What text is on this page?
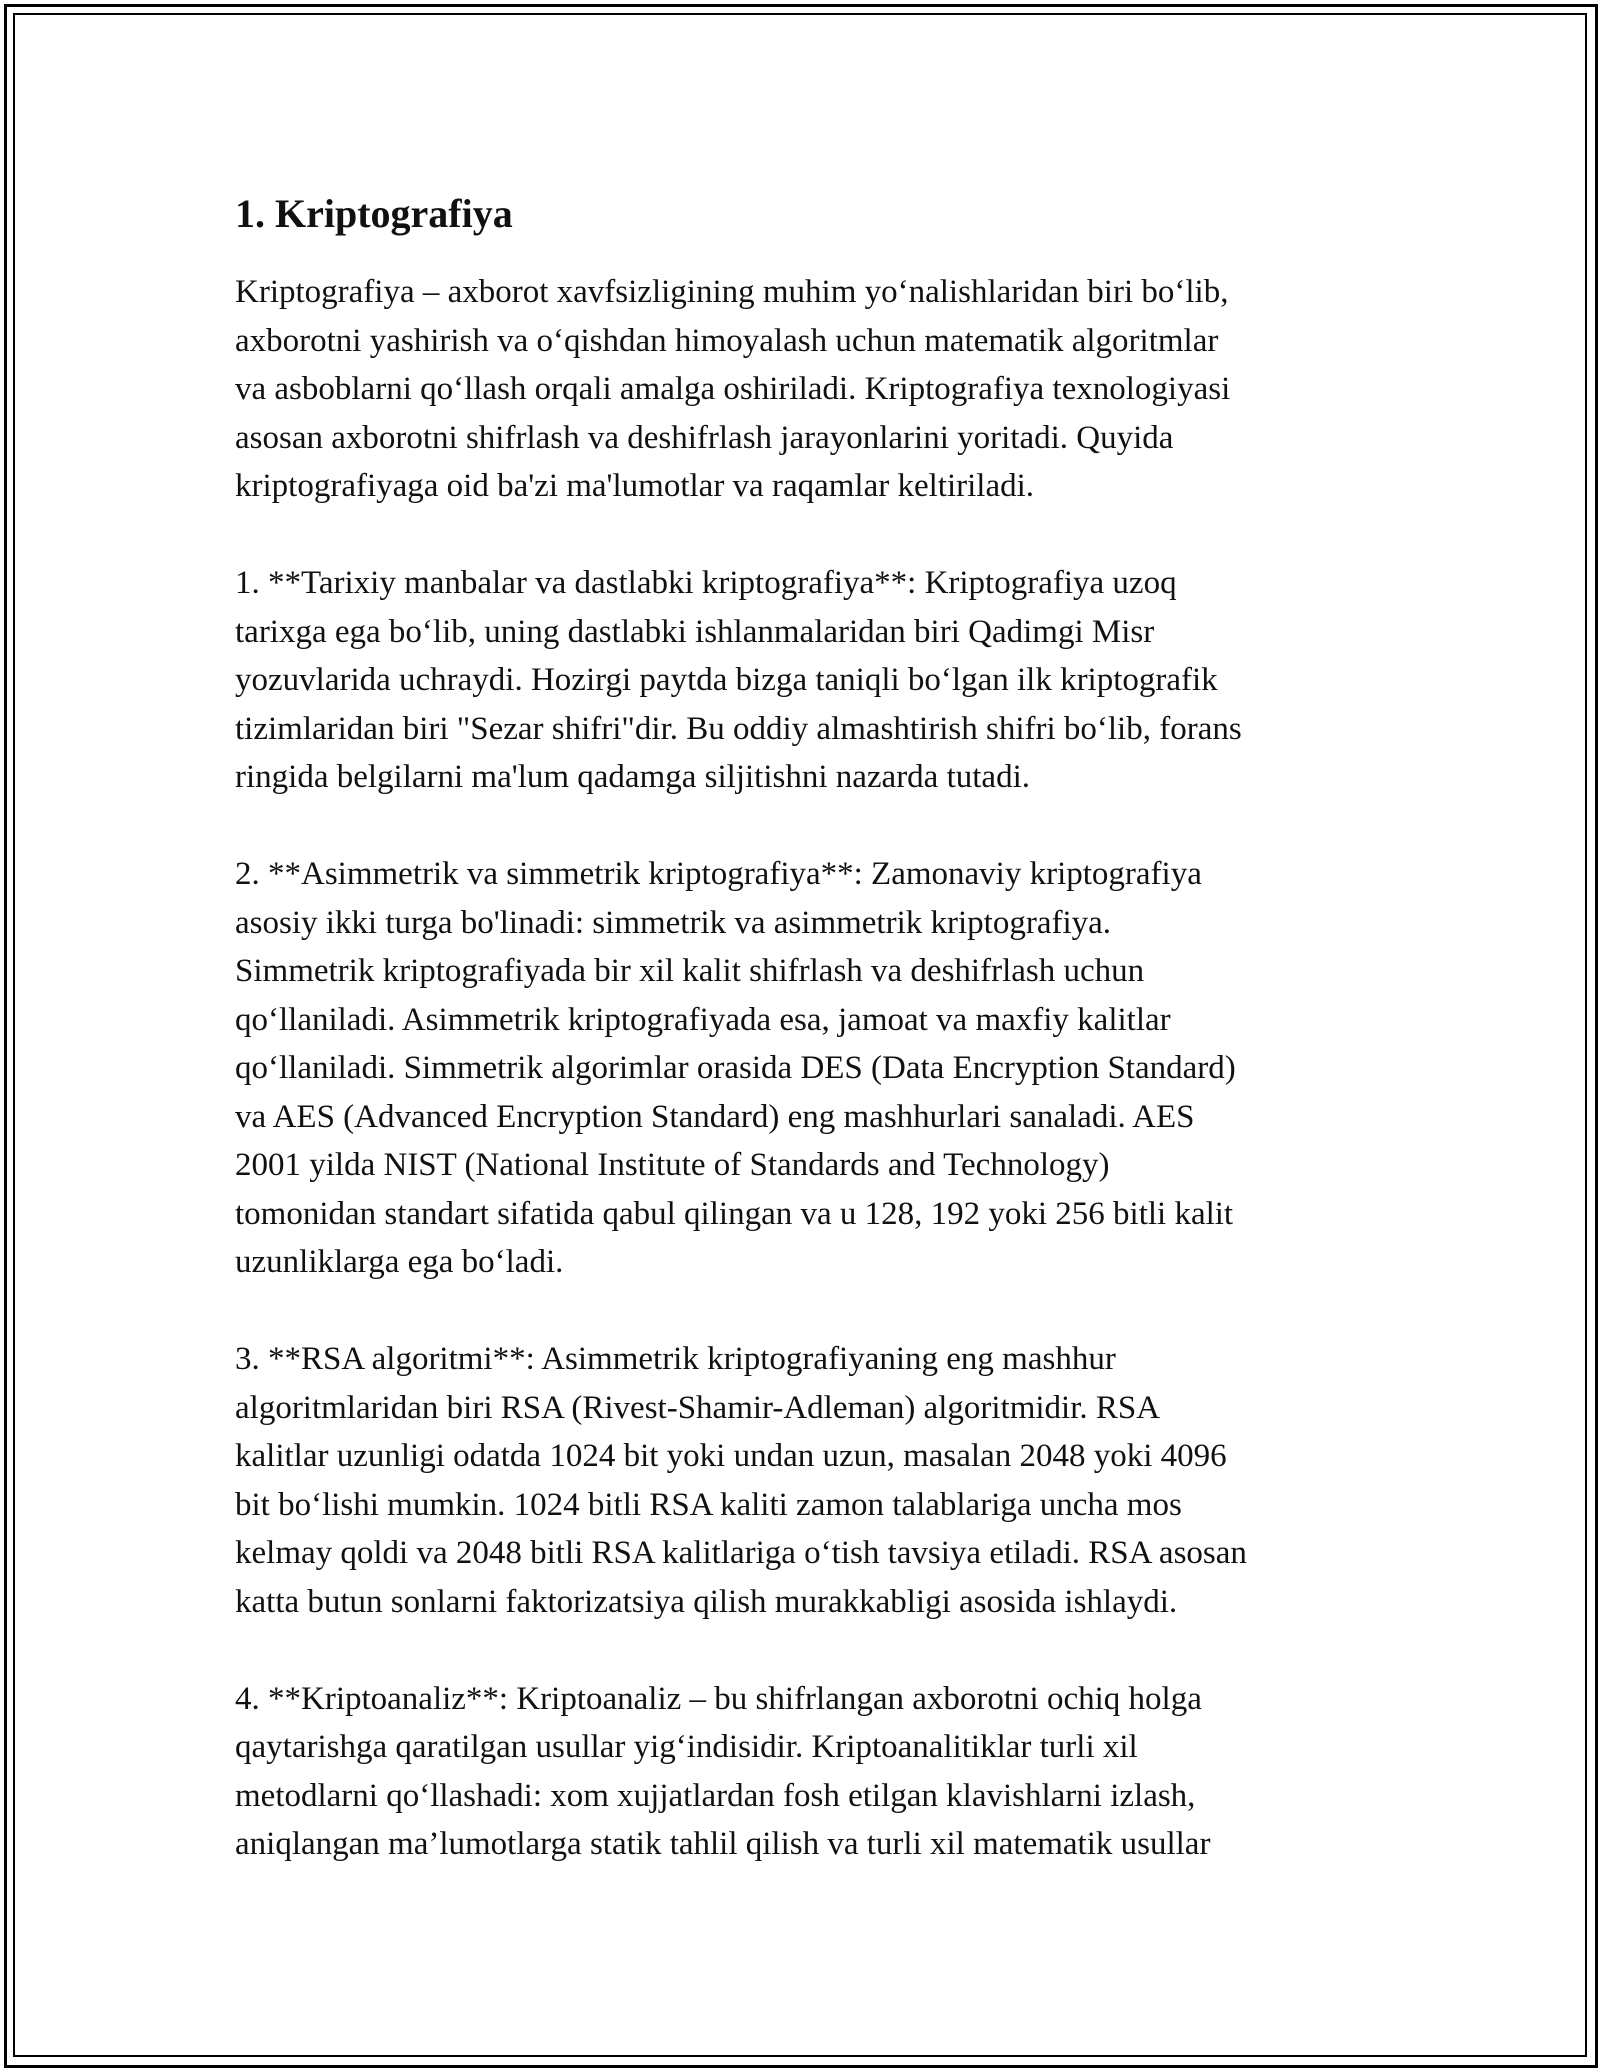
1. Kriptografiya
Kriptografiya – axborot xavfsizligining muhim yoʻnalishlaridan biri boʻlib,
axborotni yashirish va oʻqishdan himoyalash uchun matematik algoritmlar
va asboblarni qoʻllash orqali amalga oshiriladi. Kriptografiya texnologiyasi
asosan axborotni shifrlash va deshifrlash jarayonlarini yoritadi. Quyida
kriptografiyaga oid ba'zi ma'lumotlar va raqamlar keltiriladi.
1. **Tarixiy manbalar va dastlabki kriptografiya**: Kriptografiya uzoq
tarixga ega boʻlib, uning dastlabki ishlanmalaridan biri Qadimgi Misr
yozuvlarida uchraydi. Hozirgi paytda bizga taniqli boʻlgan ilk kriptografik
tizimlaridan biri "Sezar shifri"dir. Bu oddiy almashtirish shifri boʻlib, forans
ringida belgilarni ma'lum qadamga siljitishni nazarda tutadi.
2. **Asimmetrik va simmetrik kriptografiya**: Zamonaviy kriptografiya
asosiy ikki turga bo'linadi: simmetrik va asimmetrik kriptografiya.
Simmetrik kriptografiyada bir xil kalit shifrlash va deshifrlash uchun
qoʻllaniladi. Asimmetrik kriptografiyada esa, jamoat va maxfiy kalitlar
qoʻllaniladi. Simmetrik algorimlar orasida DES (Data Encryption Standard)
va AES (Advanced Encryption Standard) eng mashhurlari sanaladi. AES
2001 yilda NIST (National Institute of Standards and Technology)
tomonidan standart sifatida qabul qilingan va u 128, 192 yoki 256 bitli kalit
uzunliklarga ega boʻladi.
3. **RSA algoritmi**: Asimmetrik kriptografiyaning eng mashhur
algoritmlaridan biri RSA (Rivest-Shamir-Adleman) algoritmidir. RSA
kalitlar uzunligi odatda 1024 bit yoki undan uzun, masalan 2048 yoki 4096
bit boʻlishi mumkin. 1024 bitli RSA kaliti zamon talablariga uncha mos
kelmay qoldi va 2048 bitli RSA kalitlariga oʻtish tavsiya etiladi. RSA asosan
katta butun sonlarni faktorizatsiya qilish murakkabligi asosida ishlaydi.
4. **Kriptoanaliz**: Kriptoanaliz – bu shifrlangan axborotni ochiq holga
qaytarishga qaratilgan usullar yigʻindisidir. Kriptoanalitiklar turli xil
metodlarni qoʻllashadi: xom xujjatlardan fosh etilgan klavishlarni izlash,
aniqlangan ma’lumotlarga statik tahlil qilish va turli xil matematik usullar
